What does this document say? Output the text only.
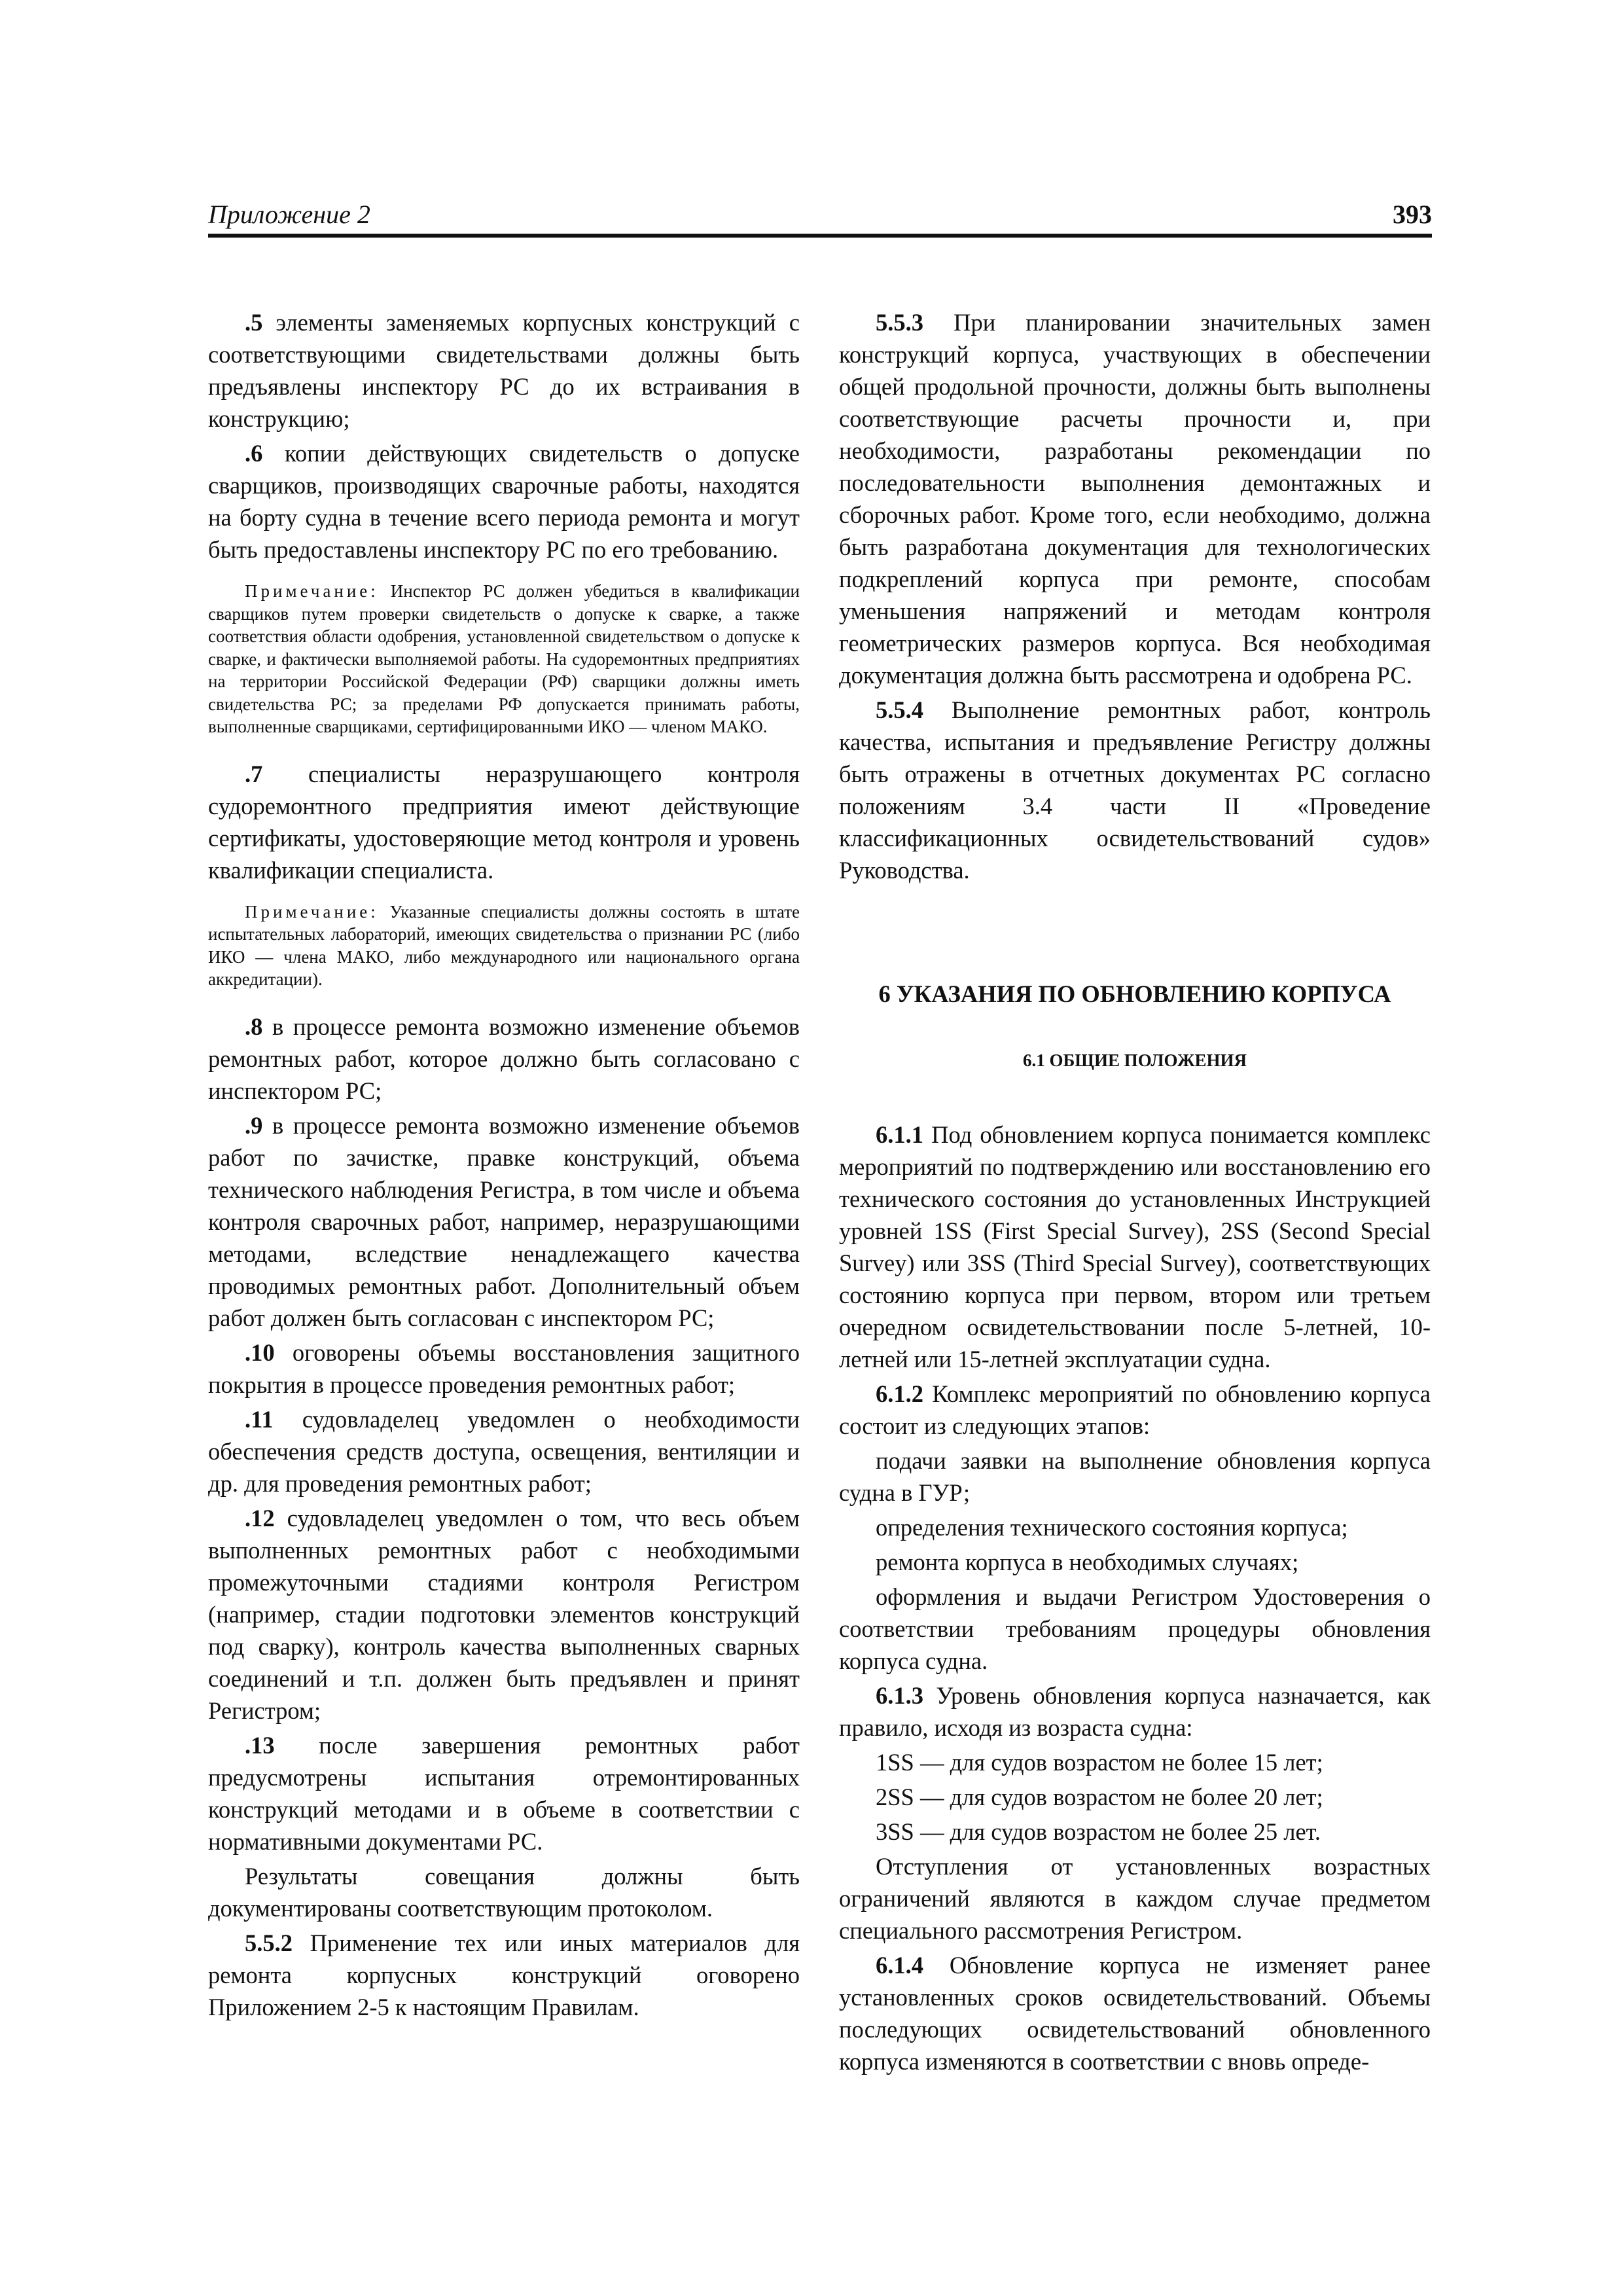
Приложение 2	393

.5 элементы заменяемых корпусных конструкций с соответствующими свидетельствами должны быть предъявлены инспектору РС до их встраивания в конструкцию;

.6 копии действующих свидетельств о допуске сварщиков, производящих сварочные работы, находятся на борту судна в течение всего периода ремонта и могут быть предоставлены инспектору РС по его требованию.

Примечание: Инспектор РС должен убедиться в квалификации сварщиков путем проверки свидетельств о допуске к сварке, а также соответствия области одобрения, установленной свидетельством о допуске к сварке, и фактически выполняемой работы. На судоремонтных предприятиях на территории Российской Федерации (РФ) сварщики должны иметь свидетельства РС; за пределами РФ допускается принимать работы, выполненные сварщиками, сертифицированными ИКО — членом МАКО.

.7 специалисты неразрушающего контроля судоремонтного предприятия имеют действующие сертификаты, удостоверяющие метод контроля и уровень квалификации специалиста.

Примечание: Указанные специалисты должны состоять в штате испытательных лабораторий, имеющих свидетельства о признании РС (либо ИКО — члена МАКО, либо международного или национального органа аккредитации).

.8 в процессе ремонта возможно изменение объемов ремонтных работ, которое должно быть согласовано с инспектором РС;

.9 в процессе ремонта возможно изменение объемов работ по зачистке, правке конструкций, объема технического наблюдения Регистра, в том числе и объема контроля сварочных работ, например, неразрушающими методами, вследствие ненадлежащего качества проводимых ремонтных работ. Дополнительный объем работ должен быть согласован с инспектором РС;

.10 оговорены объемы восстановления защитного покрытия в процессе проведения ремонтных работ;

.11 судовладелец уведомлен о необходимости обеспечения средств доступа, освещения, вентиляции и др. для проведения ремонтных работ;

.12 судовладелец уведомлен о том, что весь объем выполненных ремонтных работ с необходимыми промежуточными стадиями контроля Регистром (например, стадии подготовки элементов конструкций под сварку), контроль качества выполненных сварных соединений и т.п. должен быть предъявлен и принят Регистром;

.13 после завершения ремонтных работ предусмотрены испытания отремонтированных конструкций методами и в объеме в соответствии с нормативными документами РС.

Результаты совещания должны быть документированы соответствующим протоколом.

5.5.2 Применение тех или иных материалов для ремонта корпусных конструкций оговорено Приложением 2-5 к настоящим Правилам.

5.5.3 При планировании значительных замен конструкций корпуса, участвующих в обеспечении общей продольной прочности, должны быть выполнены соответствующие расчеты прочности и, при необходимости, разработаны рекомендации по последовательности выполнения демонтажных и сборочных работ. Кроме того, если необходимо, должна быть разработана документация для технологических подкреплений корпуса при ремонте, способам уменьшения напряжений и методам контроля геометрических размеров корпуса. Вся необходимая документация должна быть рассмотрена и одобрена РС.

5.5.4 Выполнение ремонтных работ, контроль качества, испытания и предъявление Регистру должны быть отражены в отчетных документах РС согласно положениям 3.4 части II «Проведение классификационных освидетельствований судов» Руководства.

6 УКАЗАНИЯ ПО ОБНОВЛЕНИЮ КОРПУСА
6.1 ОБЩИЕ ПОЛОЖЕНИЯ

6.1.1 Под обновлением корпуса понимается комплекс мероприятий по подтверждению или восстановлению его технического состояния до установленных Инструкцией уровней 1SS (First Special Survey), 2SS (Second Special Survey) или 3SS (Third Special Survey), соответствующих состоянию корпуса при первом, втором или третьем очередном освидетельствовании после 5-летней, 10-летней или 15-летней эксплуатации судна.

6.1.2 Комплекс мероприятий по обновлению корпуса состоит из следующих этапов:

подачи заявки на выполнение обновления корпуса судна в ГУР;

определения технического состояния корпуса;

ремонта корпуса в необходимых случаях;

оформления и выдачи Регистром Удостоверения о соответствии требованиям процедуры обновления корпуса судна.

6.1.3 Уровень обновления корпуса назначается, как правило, исходя из возраста судна:

1SS — для судов возрастом не более 15 лет;

2SS — для судов возрастом не более 20 лет;

3SS — для судов возрастом не более 25 лет.

Отступления от установленных возрастных ограничений являются в каждом случае предметом специального рассмотрения Регистром.

6.1.4 Обновление корпуса не изменяет ранее установленных сроков освидетельствований. Объемы последующих освидетельствований обновленного корпуса изменяются в соответствии с вновь опреде-
